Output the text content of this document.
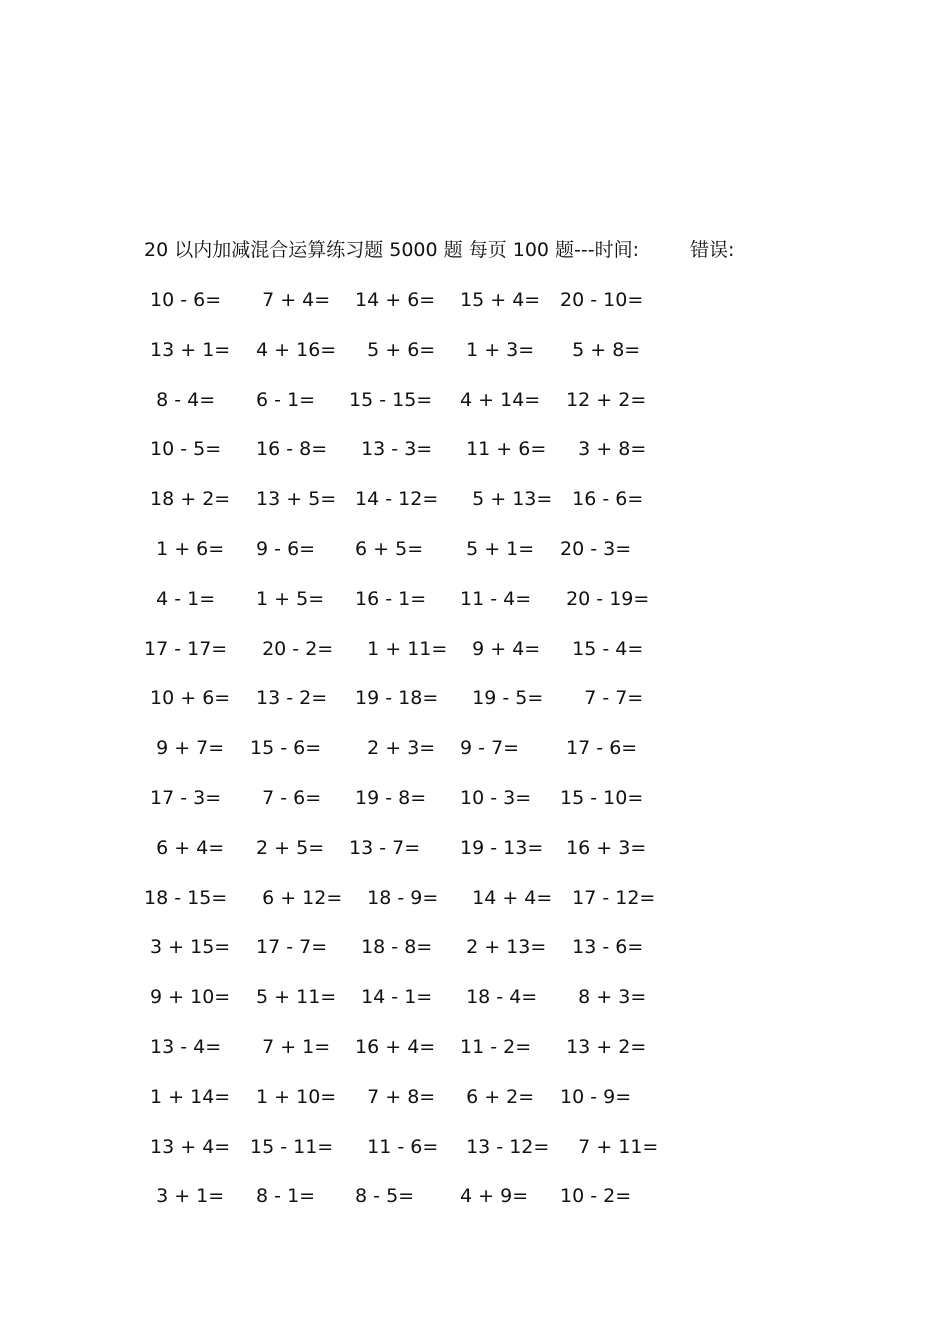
20 以内加减混合运算练习题 5000 题 每页 100 题---时间:	错误:
10 - 6= 7 + 4= 14 + 6= 15 + 4= 20 - 10=
13 + 1= 4 + 16= 5 + 6= 1 + 3= 5 + 8=
8 - 4= 6 - 1= 15 - 15= 4 + 14= 12 + 2=
10 - 5= 16 - 8= 13 - 3= 11 + 6= 3 + 8=
18 + 2= 13 + 5= 14 - 12= 5 + 13= 16 - 6=
1 + 6= 9 - 6= 6 + 5= 5 + 1= 20 - 3=
4 - 1= 1 + 5= 16 - 1= 11 - 4= 20 - 19=
17 - 17= 20 - 2= 1 + 11= 9 + 4= 15 - 4=
10 + 6= 13 - 2= 19 - 18= 19 - 5= 7 - 7=
9 + 7= 15 - 6= 2 + 3= 9 - 7= 17 - 6=
17 - 3= 7 - 6= 19 - 8= 10 - 3= 15 - 10=
6 + 4= 2 + 5= 13 - 7= 19 - 13= 16 + 3=
18 - 15= 6 + 12= 18 - 9= 14 + 4= 17 - 12=
3 + 15= 17 - 7= 18 - 8= 2 + 13= 13 - 6=
9 + 10= 5 + 11= 14 - 1= 18 - 4= 8 + 3=
13 - 4= 7 + 1= 16 + 4= 11 - 2= 13 + 2=
1 + 14= 1 + 10= 7 + 8= 6 + 2= 10 - 9=
13 + 4= 15 - 11= 11 - 6= 13 - 12= 7 + 11=
3 + 1= 8 - 1= 8 - 5= 4 + 9= 10 - 2=
